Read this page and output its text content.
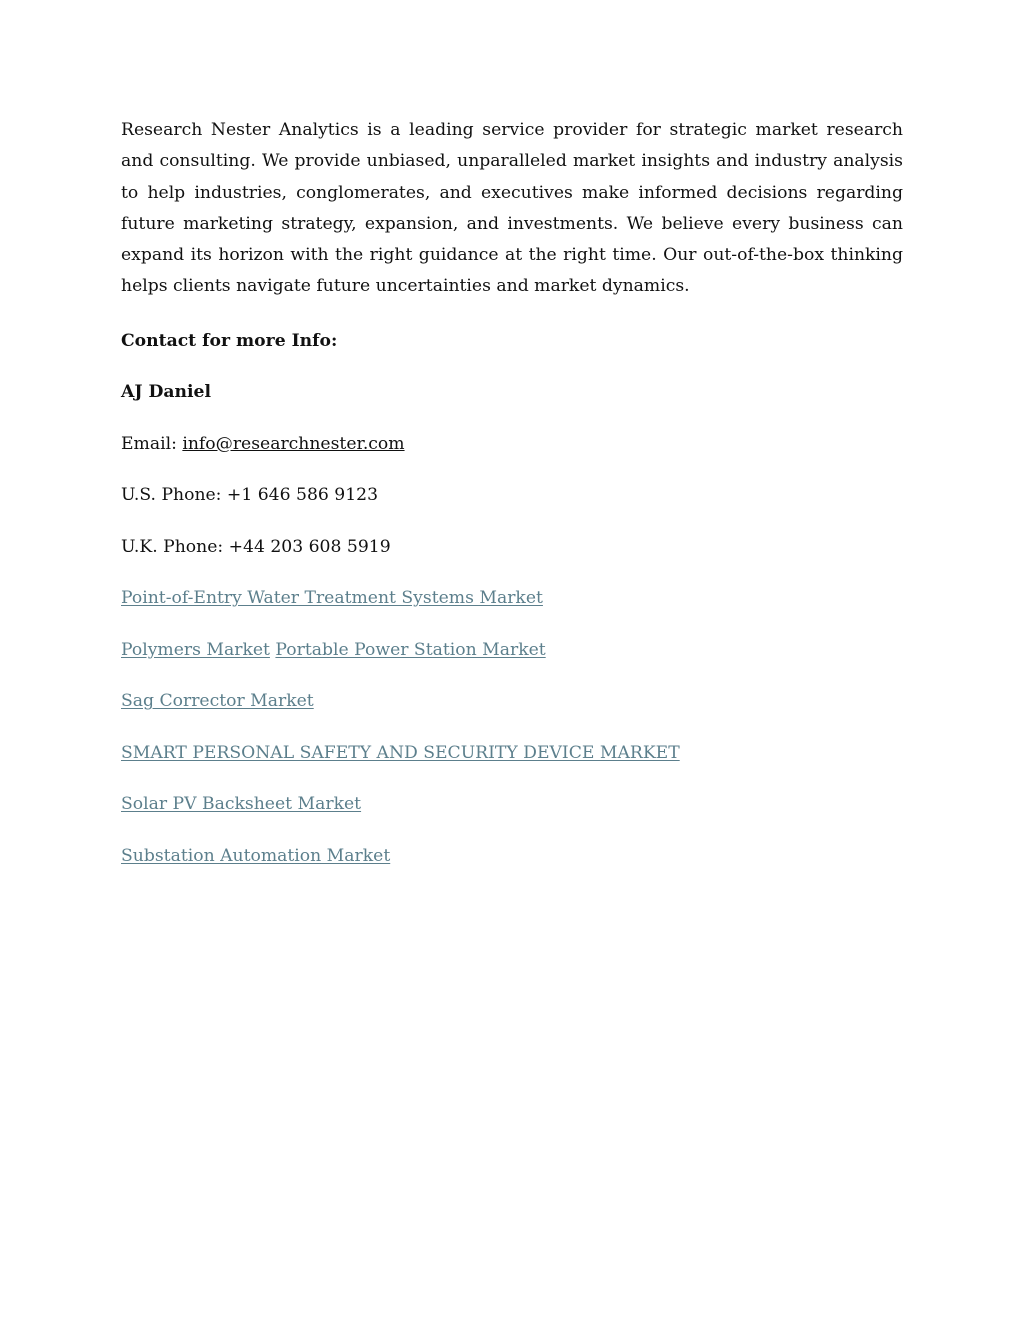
Research Nester Analytics is a leading service provider for strategic market research and consulting. We provide unbiased, unparalleled market insights and industry analysis to help industries, conglomerates, and executives make informed decisions regarding future marketing strategy, expansion, and investments. We believe every business can expand its horizon with the right guidance at the right time. Our out-of-the-box thinking helps clients navigate future uncertainties and market dynamics.

Contact for more Info:

AJ Daniel

Email: info@researchnester.com

U.S. Phone: +1 646 586 9123

U.K. Phone: +44 203 608 5919

Point-of-Entry Water Treatment Systems Market

Polymers Market Portable Power Station Market

Sag Corrector Market

SMART PERSONAL SAFETY AND SECURITY DEVICE MARKET

Solar PV Backsheet Market

Substation Automation Market
